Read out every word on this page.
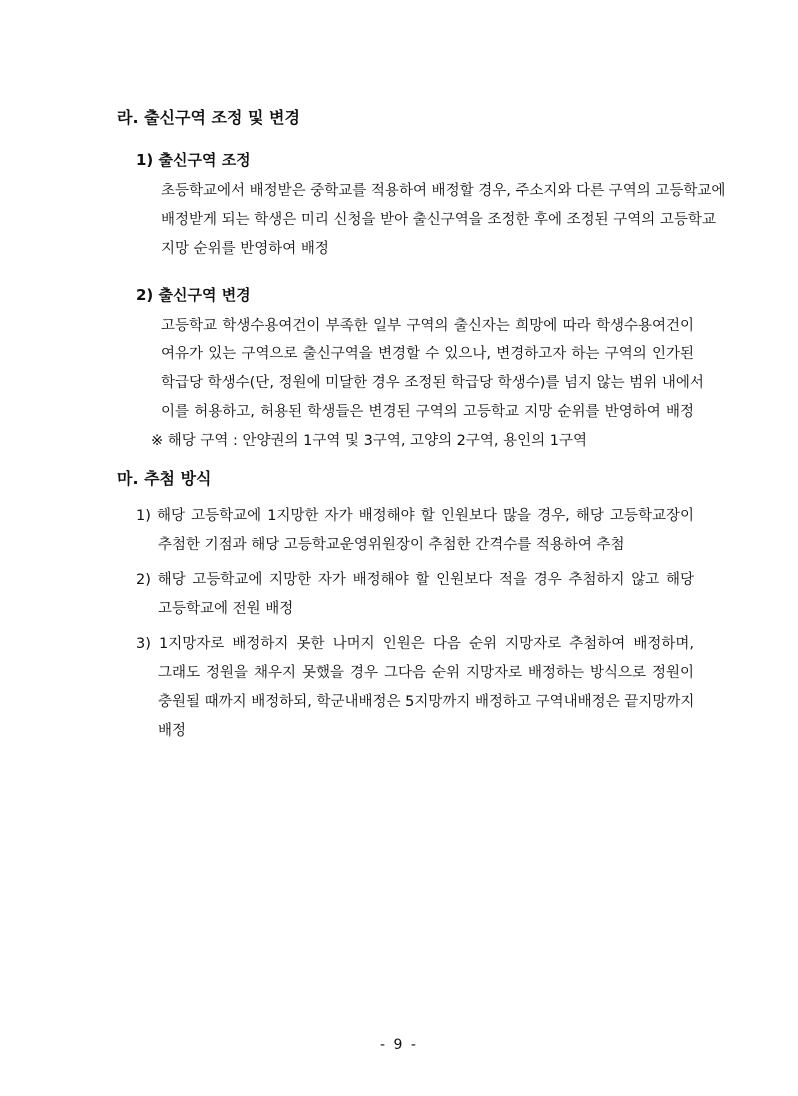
라. 출신구역 조정 및 변경
1) 출신구역 조정
초등학교에서 배정받은 중학교를 적용하여 배정할 경우, 주소지와 다른 구역의 고등학교에
배정받게 되는 학생은 미리 신청을 받아 출신구역을 조정한 후에 조정된 구역의 고등학교
지망 순위를 반영하여 배정
2) 출신구역 변경
고등학교 학생수용여건이 부족한 일부 구역의 출신자는 희망에 따라 학생수용여건이
여유가 있는 구역으로 출신구역을 변경할 수 있으나, 변경하고자 하는 구역의 인가된
학급당 학생수(단, 정원에 미달한 경우 조정된 학급당 학생수)를 넘지 않는 범위 내에서
이를 허용하고, 허용된 학생들은 변경된 구역의 고등학교 지망 순위를 반영하여 배정
※ 해당 구역 : 안양권의 1구역 및 3구역, 고양의 2구역, 용인의 1구역
마. 추첨 방식
1) 해당 고등학교에 1지망한 자가 배정해야 할 인원보다 많을 경우, 해당 고등학교장이
추첨한 기점과 해당 고등학교운영위원장이 추첨한 간격수를 적용하여 추첨
2) 해당 고등학교에 지망한 자가 배정해야 할 인원보다 적을 경우 추첨하지 않고 해당
고등학교에 전원 배정
3) 1지망자로 배정하지 못한 나머지 인원은 다음 순위 지망자로 추첨하여 배정하며,
그래도 정원을 채우지 못했을 경우 그다음 순위 지망자로 배정하는 방식으로 정원이
충원될 때까지 배정하되, 학군내배정은 5지망까지 배정하고 구역내배정은 끝지망까지
배정
- 9 -
